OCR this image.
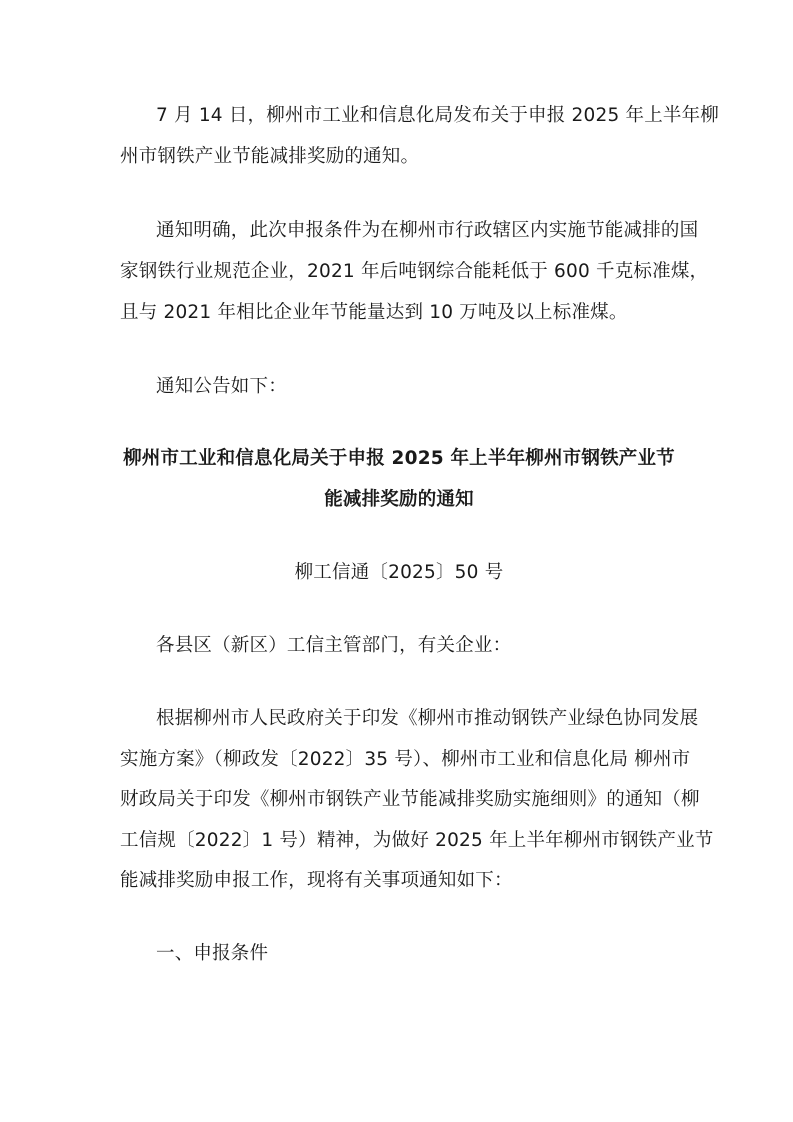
7 月 14 日，柳州市工业和信息化局发布关于申报 2025 年上半年柳
州市钢铁产业节能减排奖励的通知。
通知明确，此次申报条件为在柳州市行政辖区内实施节能减排的国
家钢铁行业规范企业，2021 年后吨钢综合能耗低于 600 千克标准煤，
且与 2021 年相比企业年节能量达到 10 万吨及以上标准煤。
通知公告如下：
柳州市工业和信息化局关于申报 2025 年上半年柳州市钢铁产业节
能减排奖励的通知
柳工信通〔2025〕50 号
各县区（新区）工信主管部门，有关企业：
根据柳州市人民政府关于印发《柳州市推动钢铁产业绿色协同发展
实施方案》（柳政发〔2022〕35 号）、柳州市工业和信息化局 柳州市
财政局关于印发《柳州市钢铁产业节能减排奖励实施细则》的通知（柳
工信规〔2022〕1 号）精神，为做好 2025 年上半年柳州市钢铁产业节
能减排奖励申报工作，现将有关事项通知如下：
一、申报条件
